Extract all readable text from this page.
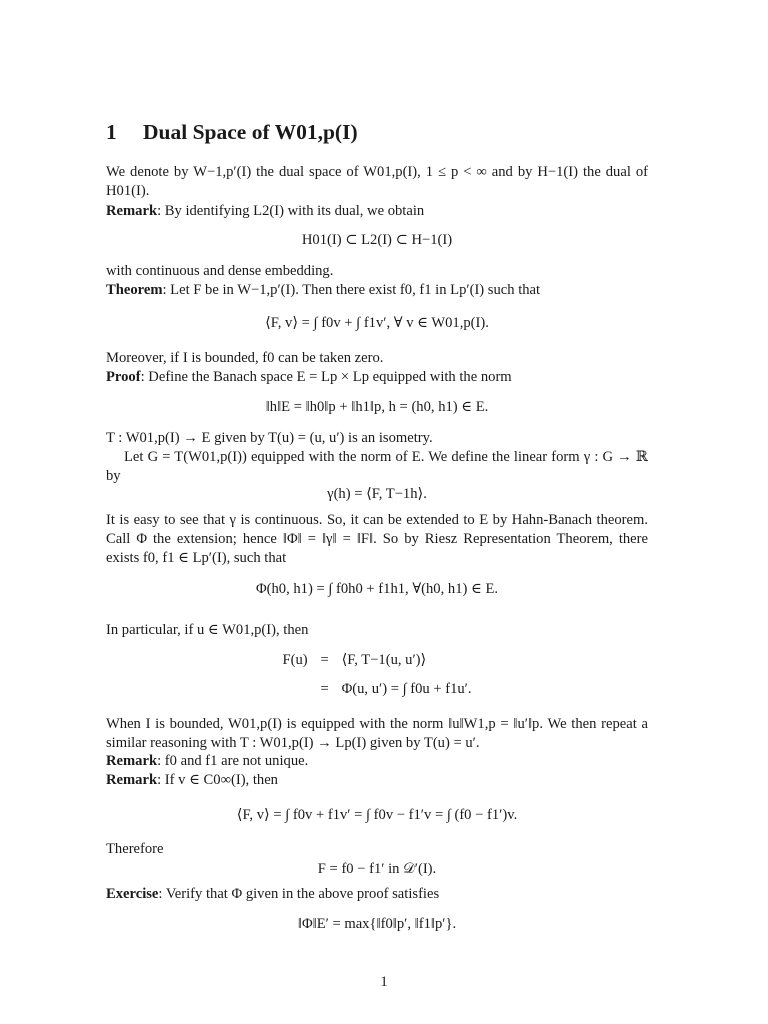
1 Dual Space of W01,p(I)
We denote by W−1,p′(I) the dual space of W01,p(I), 1 ≤ p < ∞ and by H−1(I) the dual of H01(I).
Remark: By identifying L2(I) with its dual, we obtain
H01(I) ⊂ L2(I) ⊂ H−1(I)
with continuous and dense embedding.
Theorem: Let F be in W−1,p′(I). Then there exist f0, f1 in Lp′(I) such that
⟨F, v⟩ = ∫ f0v + ∫ f1v′, ∀ v ∈ W01,p(I).
Moreover, if I is bounded, f0 can be taken zero.
Proof: Define the Banach space E = Lp × Lp equipped with the norm
‖h‖E = ‖h0‖p + ‖h1‖p, h = (h0, h1) ∈ E.
T : W01,p(I) → E given by T(u) = (u, u′) is an isometry.
Let G = T(W01,p(I)) equipped with the norm of E. We define the linear form γ : G → ℝ by
γ(h) = ⟨F, T−1h⟩.
It is easy to see that γ is continuous. So, it can be extended to E by Hahn-Banach theorem. Call Φ the extension; hence ‖Φ‖ = ‖γ‖ = ‖F‖. So by Riesz Representation Theorem, there exists f0, f1 ∈ Lp′(I), such that
Φ(h0, h1) = ∫ f0h0 + f1h1, ∀(h0, h1) ∈ E.
In particular, if u ∈ W01,p(I), then
F(u) = ⟨F, T−1(u, u′)⟩
= Φ(u, u′) = ∫ f0u + f1u′.
When I is bounded, W01,p(I) is equipped with the norm ‖u‖W1,p = ‖u′‖p. We then repeat a similar reasoning with T : W01,p(I) → Lp(I) given by T(u) = u′.
Remark: f0 and f1 are not unique.
Remark: If v ∈ C0∞(I), then
⟨F, v⟩ = ∫ f0v + f1v′ = ∫ f0v − f1′v = ∫ (f0 − f1′)v.
Therefore
F = f0 − f1′ in 𝒟′(I).
Exercise: Verify that Φ given in the above proof satisfies
‖Φ‖E′ = max{‖f0‖p′, ‖f1‖p′}.
1
